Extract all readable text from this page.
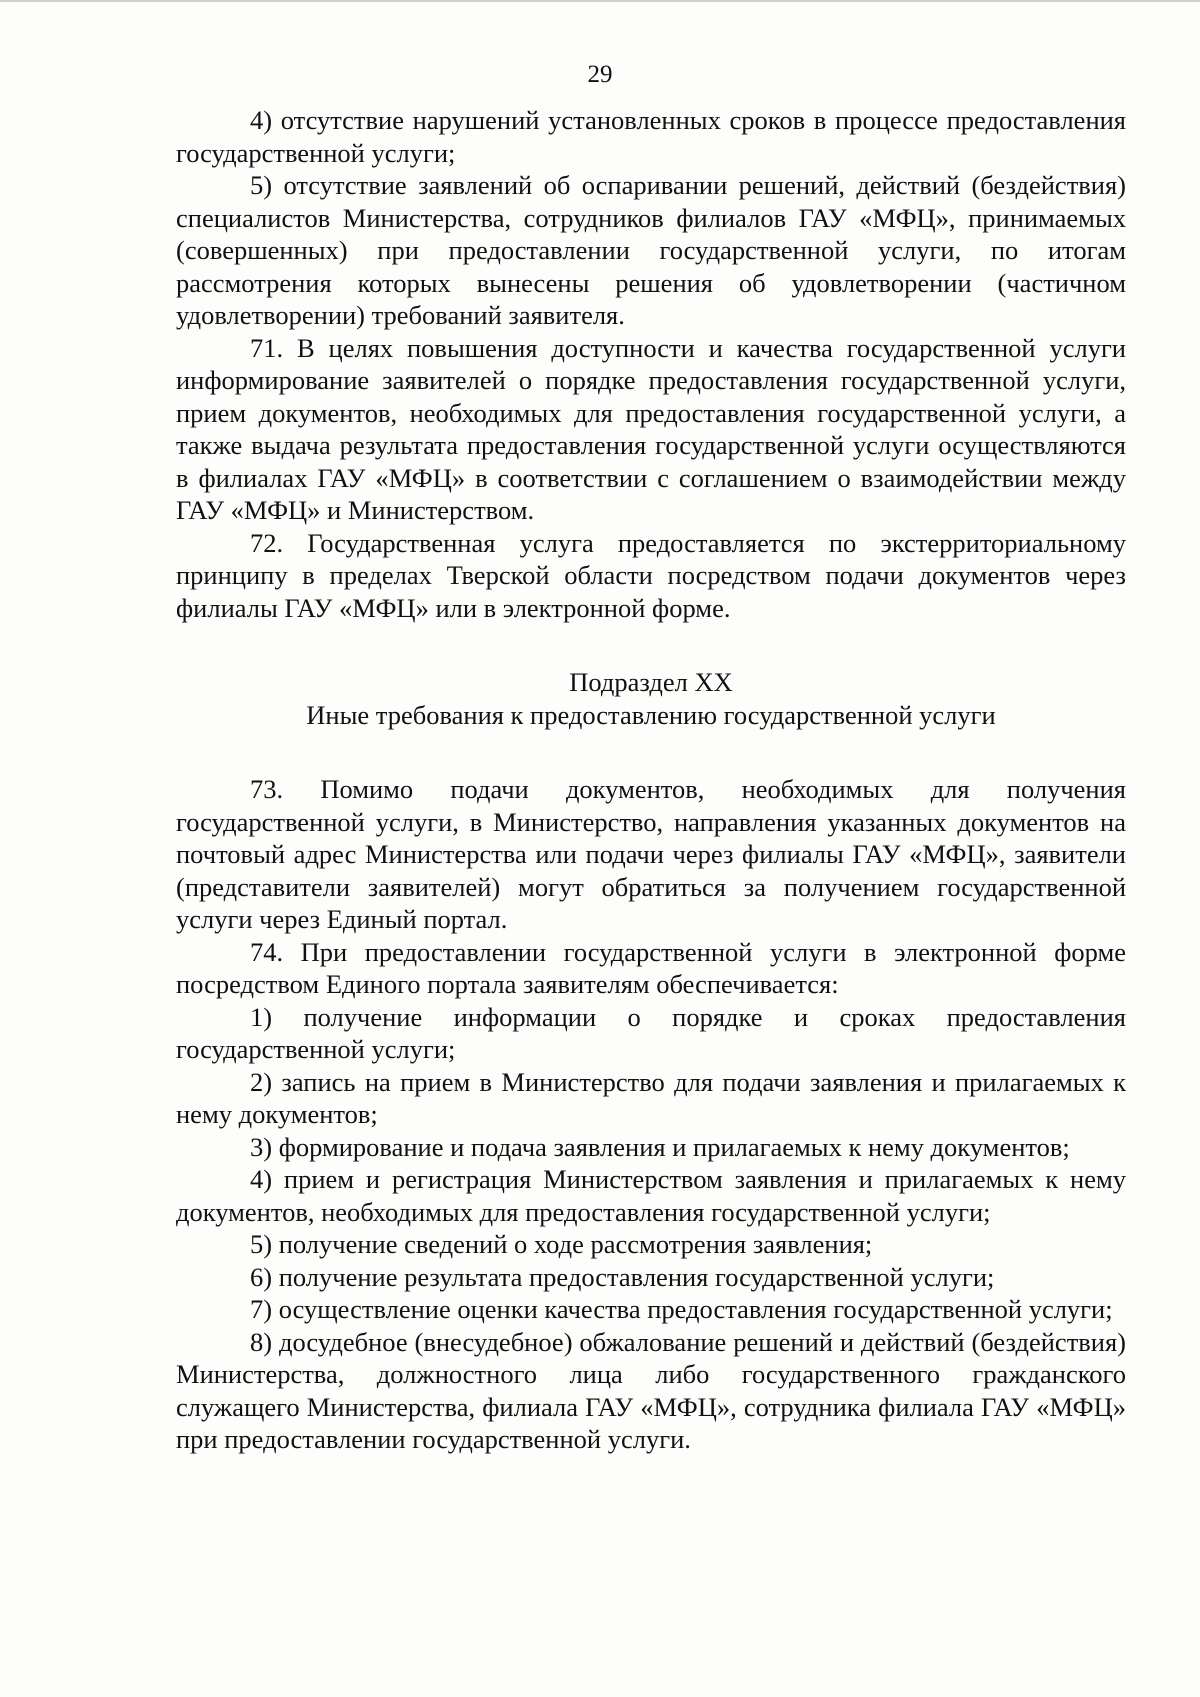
29

4) отсутствие нарушений установленных сроков в процессе предоставления государственной услуги;

5) отсутствие заявлений об оспаривании решений, действий (бездействия) специалистов Министерства, сотрудников филиалов ГАУ «МФЦ», принимаемых (совершенных) при предоставлении государственной услуги, по итогам рассмотрения которых вынесены решения об удовлетворении (частичном удовлетворении) требований заявителя.

71. В целях повышения доступности и качества государственной услуги информирование заявителей о порядке предоставления государственной услуги, прием документов, необходимых для предоставления государственной услуги, а также выдача результата предоставления государственной услуги осуществляются в филиалах ГАУ «МФЦ» в соответствии с соглашением о взаимодействии между ГАУ «МФЦ» и Министерством.

72. Государственная услуга предоставляется по экстерриториальному принципу в пределах Тверской области посредством подачи документов через филиалы ГАУ «МФЦ» или в электронной форме.

Подраздел XX

Иные требования к предоставлению государственной услуги

73. Помимо подачи документов, необходимых для получения государственной услуги, в Министерство, направления указанных документов на почтовый адрес Министерства или подачи через филиалы ГАУ «МФЦ», заявители (представители заявителей) могут обратиться за получением государственной услуги через Единый портал.

74. При предоставлении государственной услуги в электронной форме посредством Единого портала заявителям обеспечивается:

1) получение информации о порядке и сроках предоставления государственной услуги;

2) запись на прием в Министерство для подачи заявления и прилагаемых к нему документов;

3) формирование и подача заявления и прилагаемых к нему документов;

4) прием и регистрация Министерством заявления и прилагаемых к нему документов, необходимых для предоставления государственной услуги;

5) получение сведений о ходе рассмотрения заявления;

6) получение результата предоставления государственной услуги;

7) осуществление оценки качества предоставления государственной услуги;

8) досудебное (внесудебное) обжалование решений и действий (бездействия) Министерства, должностного лица либо государственного гражданского служащего Министерства, филиала ГАУ «МФЦ», сотрудника филиала ГАУ «МФЦ» при предоставлении государственной услуги.
